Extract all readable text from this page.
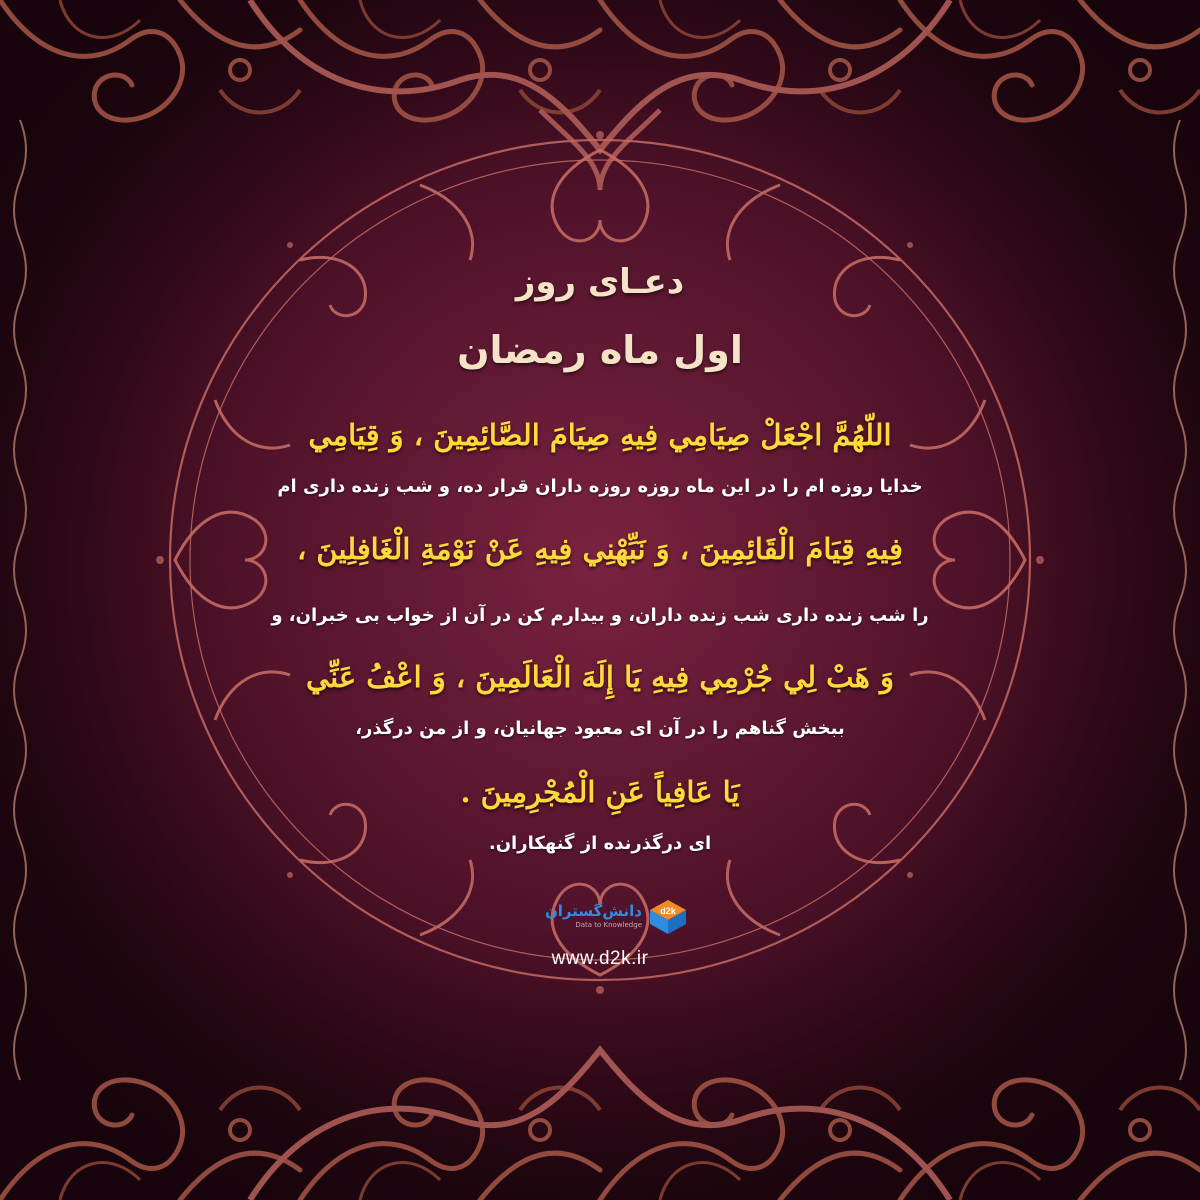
دعـای روز
اول ماه رمضان
اللّهُمَّ اجْعَلْ صِیَامِي فِيهِ صِيَامَ الصَّائِمِينَ ، وَ قِيَامِي
خدایا روزه ام را در این ماه روزه روزه داران قرار ده، و شب زنده داری ام
فِيهِ قِيَامَ الْقَائِمِينَ ، وَ نَبِّهْنِي فِيهِ عَنْ نَوْمَةِ الْغَافِلِينَ ،
را شب زنده داری شب زنده داران، و بیدارم کن در آن از خواب بی خبران، و
وَ هَبْ لِي جُرْمِي فِيهِ يَا إِلَهَ الْعَالَمِينَ ، وَ اعْفُ عَنِّي
ببخش گناهم را در آن ای معبود جهانیان، و از من درگذر،
يَا عَافِياً عَنِ الْمُجْرِمِينَ .
ای درگذرنده از گنهکاران.
دانش‌گستران
Data to Knowledge
d2k
www.d2k.ir
